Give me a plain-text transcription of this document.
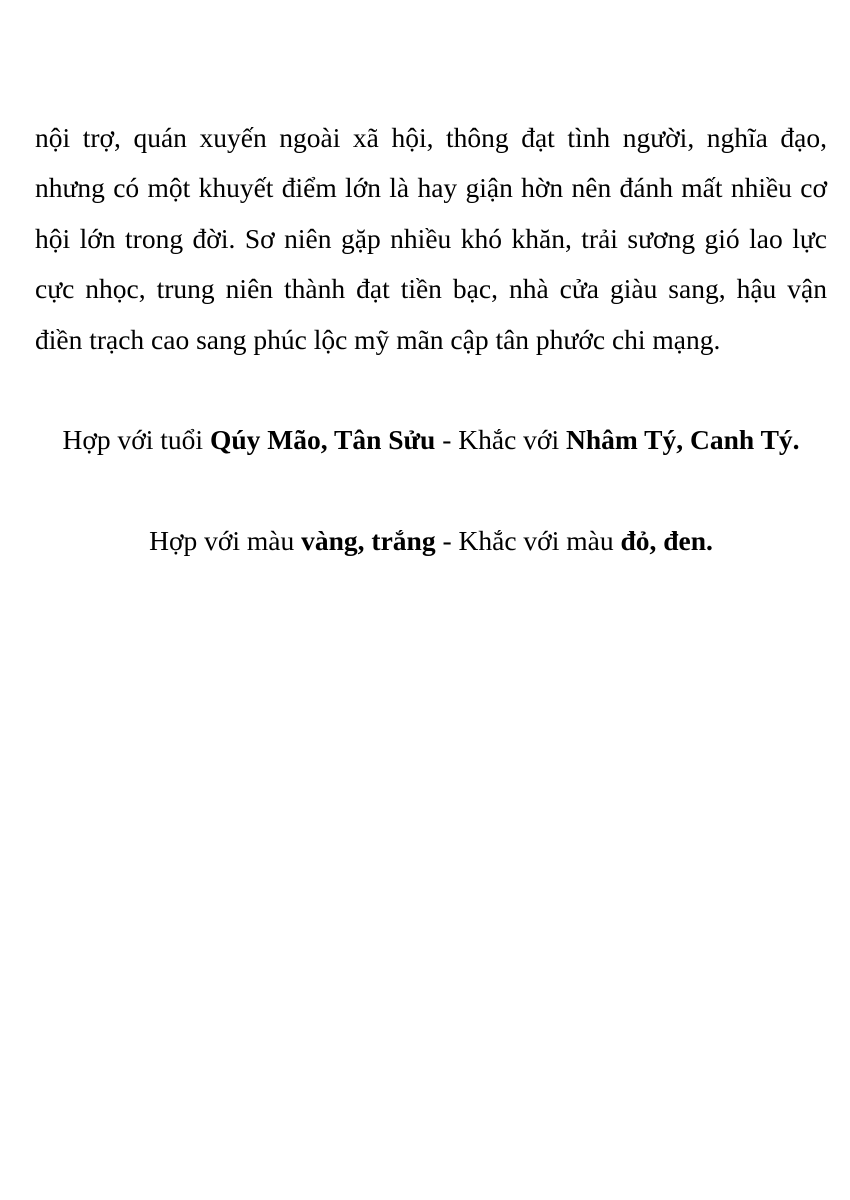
nội trợ, quán xuyến ngoài xã hội, thông đạt tình người, nghĩa đạo, nhưng có một khuyết điểm lớn là hay giận hờn nên đánh mất nhiều cơ hội lớn trong đời. Sơ niên gặp nhiều khó khăn, trải sương gió lao lực cực nhọc, trung niên thành đạt tiền bạc, nhà cửa giàu sang, hậu vận điền trạch cao sang phúc lộc mỹ mãn cập tân phước chi mạng.

Hợp với tuổi Qúy Mão, Tân Sửu - Khắc với Nhâm Tý, Canh Tý.

Hợp với màu vàng, trắng - Khắc với màu đỏ, đen.
